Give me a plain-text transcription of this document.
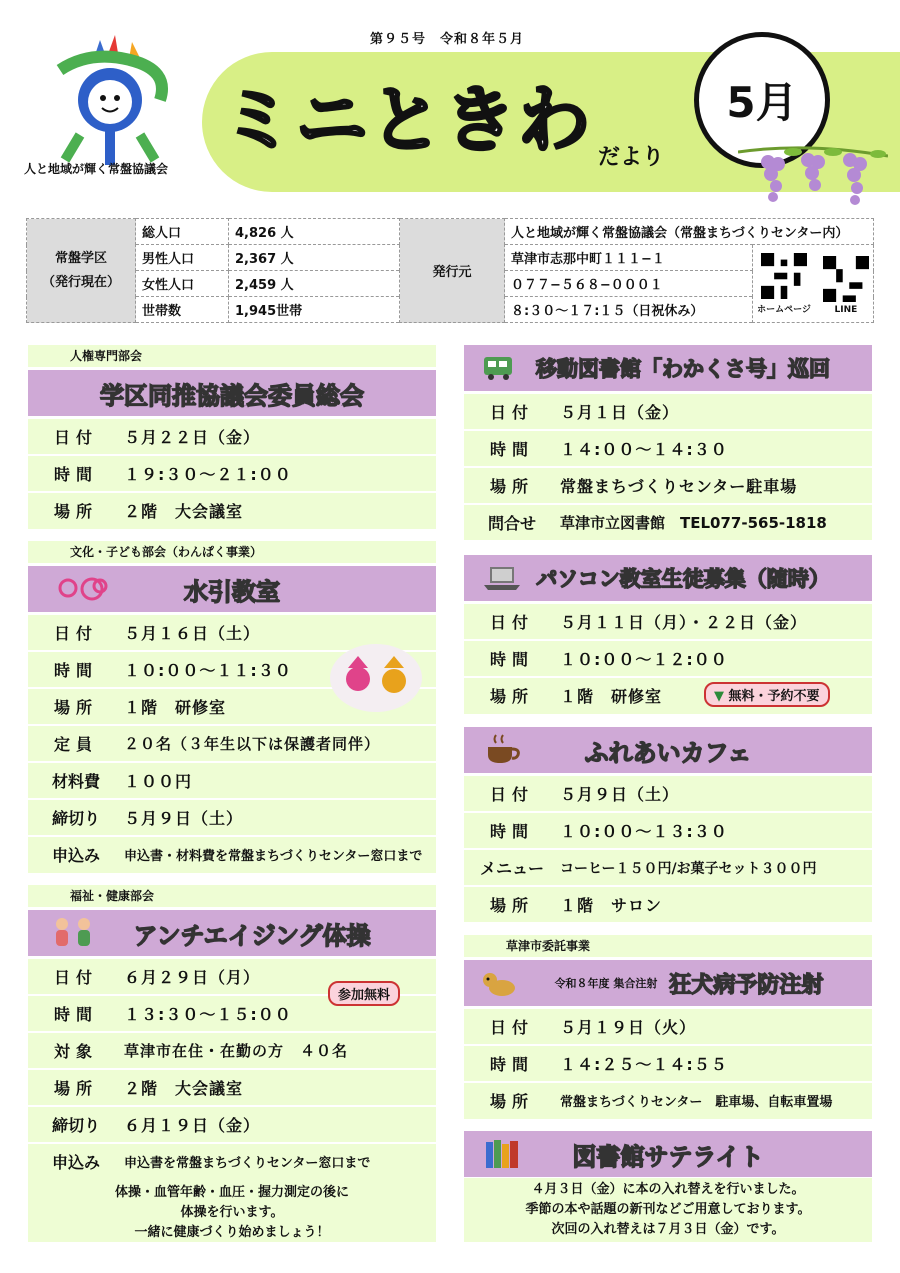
人と地域が輝く常盤協議会
第９５号　令和８年５月
ミニときわ だより
5月
常盤学区
（発行現在）	総人口	4,826 人	発行元	人と地域が輝く常盤協議会（常盤まちづくりセンター内）	
	男性人口	2,367 人		草津市志那中町１１１−１	ホームページ LINE

	女性人口	2,459 人		０７７−５６８−０００１	
	世帯数	1,945世帯		８:３０〜１７:１５（日祝休み）	
人権専門部会
学区同推協議会委員総会
日付	５月２２日（金）
時間	１９:３０〜２１:００
場所	２階　大会議室
文化・子ども部会（わんぱく事業）
水引教室
日付	５月１６日（土）
時間	１０:００〜１１:３０
場所	１階　研修室
定員	２０名（３年生以下は保護者同伴）
材料費	１００円
締切り	５月９日（土）
申込み	申込書・材料費を常盤まちづくりセンター窓口まで
福祉・健康部会
アンチエイジング体操
日付	６月２９日（月）
時間	１３:３０〜１５:００
対象	草津市在住・在勤の方　４０名
場所	２階　大会議室
締切り	６月１９日（金）
申込み	申込書を常盤まちづくりセンター窓口まで
参加無料
体操・血管年齢・血圧・握力測定の後に
体操を行います。
一緒に健康づくり始めましょう！
移動図書館「わかくさ号」巡回
日付	５月１日（金）
時間	１４:００〜１４:３０
場所	常盤まちづくりセンター駐車場
問合せ	草津市立図書館　TEL077-565-1818
パソコン教室生徒募集（随時）
日付	５月１１日（月）・２２日（金）
時間	１０:００〜１２:００
場所	１階　研修室	▼ 無料・予約不要
ふれあいカフェ
日付	５月９日（土）
時間	１０:００〜１３:３０
メニュー	コーヒー１５０円/お菓子セット３００円
場所	１階　サロン
草津市委託事業
令和８年度 集合注射 狂犬病予防注射
日付	５月１９日（火）
時間	１４:２５〜１４:５５
場所	常盤まちづくりセンター　駐車場、自転車置場
図書館サテライト
４月３日（金）に本の入れ替えを行いました。
季節の本や話題の新刊などご用意しております。
次回の入れ替えは７月３日（金）です。
